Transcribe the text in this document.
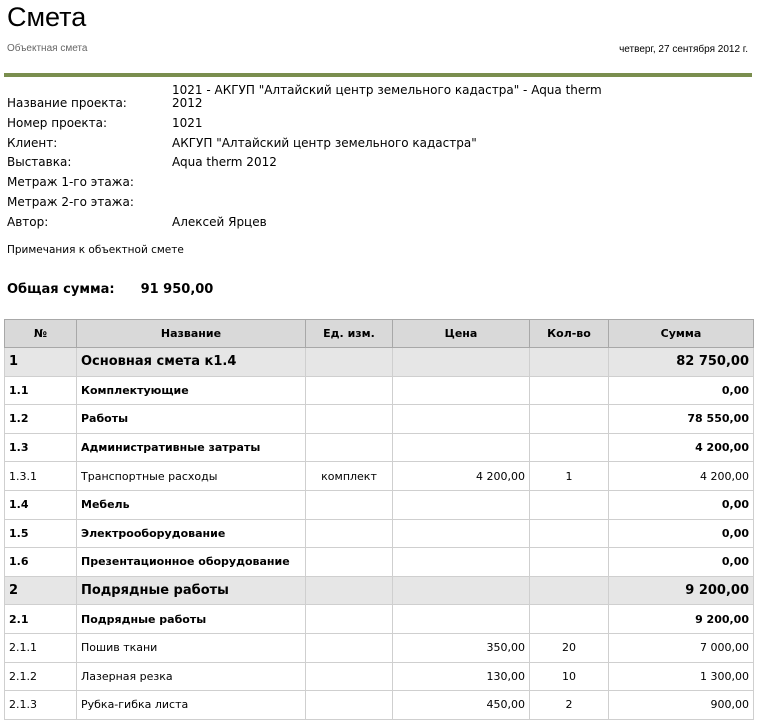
Смета
Объектная смета	четверг, 27 сентября 2012 г.
Название проекта:
1021 - АКГУП "Алтайский центр земельного кадастра" - Aqua therm 2012
Номер проекта:	1021
Клиент:	АКГУП "Алтайский центр земельного кадастра"
Выставка:	Aqua therm 2012
Метраж 1-го этажа:
Метраж 2-го этажа:
Автор:	Алексей Ярцев
Примечания к объектной смете
Общая сумма: 91 950,00
№	Название	Ед. изм.	Цена	Кол-во	Сумма
1	Основная смета к1.4				82 750,00
1.1	Комплектующие				0,00
1.2	Работы				78 550,00
1.3	Административные затраты				4 200,00
1.3.1	Транспортные расходы	комплект	4 200,00	1	4 200,00
1.4	Мебель				0,00
1.5	Электрооборудование				0,00
1.6	Презентационное оборудование				0,00
2	Подрядные работы				9 200,00
2.1	Подрядные работы				9 200,00
2.1.1	Пошив ткани		350,00	20	7 000,00
2.1.2	Лазерная резка		130,00	10	1 300,00
2.1.3	Рубка-гибка листа		450,00	2	900,00
